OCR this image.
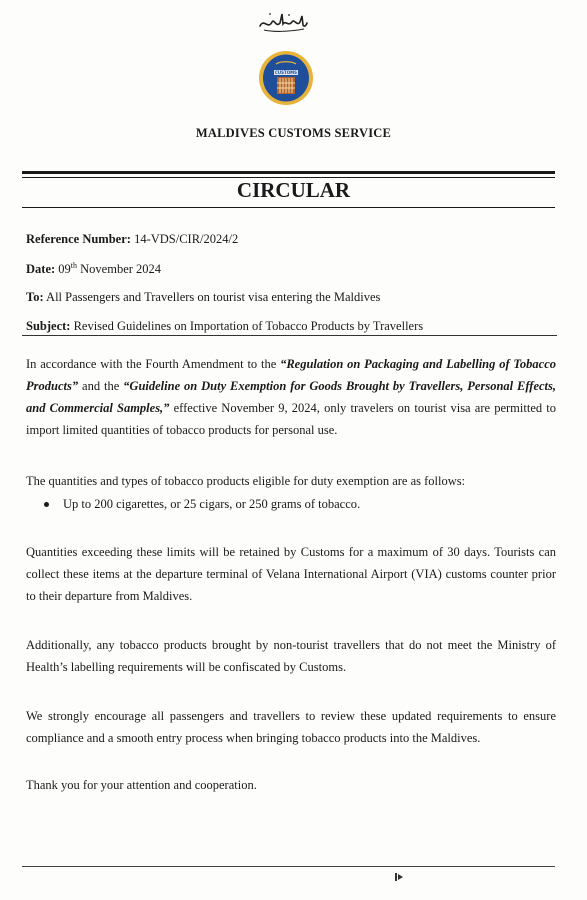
CUSTOMS
MALDIVES CUSTOMS SERVICE
CIRCULAR
Reference Number: 14-VDS/CIR/2024/2
Date: 09th November 2024
To: All Passengers and Travellers on tourist visa entering the Maldives
Subject: Revised Guidelines on Importation of Tobacco Products by Travellers
In accordance with the Fourth Amendment to the “Regulation on Packaging and Labelling of Tobacco Products” and the “Guideline on Duty Exemption for Goods Brought by Travellers, Personal Effects, and Commercial Samples,” effective November 9, 2024, only travelers on tourist visa are permitted to import limited quantities of tobacco products for personal use.
The quantities and types of tobacco products eligible for duty exemption are as follows:
Up to 200 cigarettes, or 25 cigars, or 250 grams of tobacco.
Quantities exceeding these limits will be retained by Customs for a maximum of 30 days. Tourists can collect these items at the departure terminal of Velana International Airport (VIA) customs counter prior to their departure from Maldives.
Additionally, any tobacco products brought by non-tourist travellers that do not meet the Ministry of Health’s labelling requirements will be confiscated by Customs.
We strongly encourage all passengers and travellers to review these updated requirements to ensure compliance and a smooth entry process when bringing tobacco products into the Maldives.
Thank you for your attention and cooperation.
